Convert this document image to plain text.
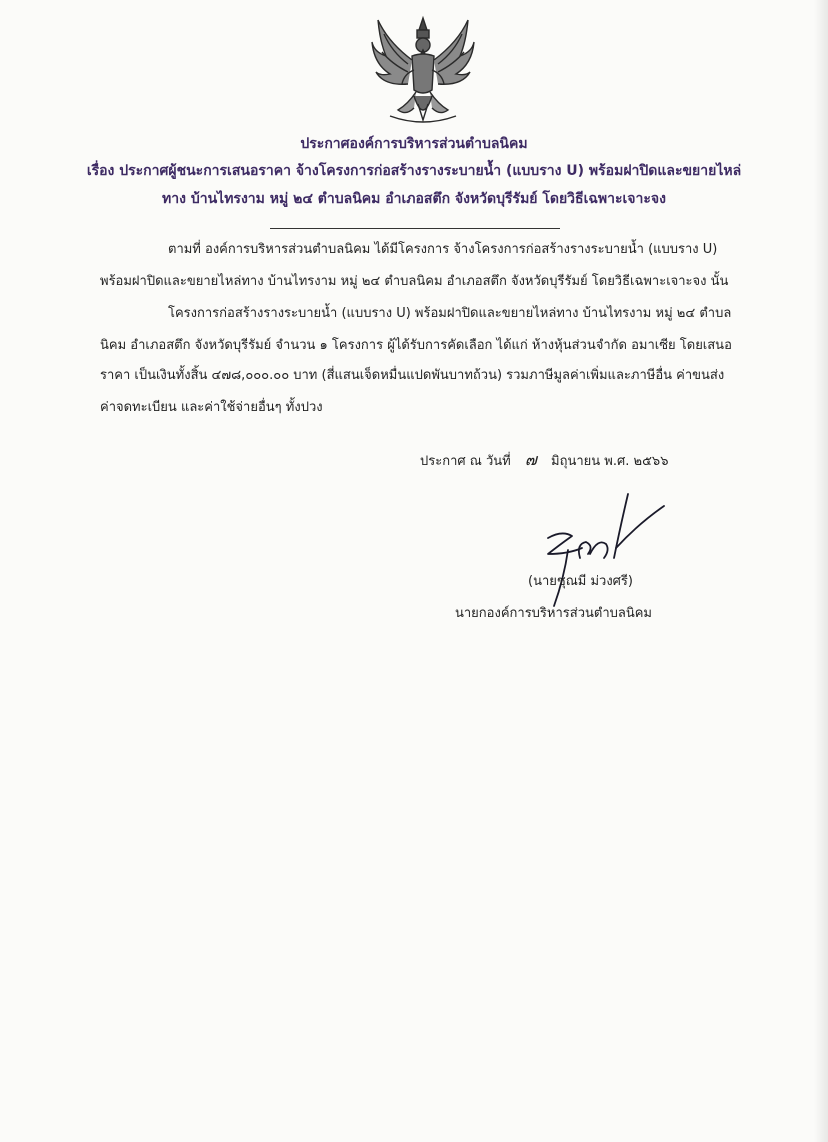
ประกาศองค์การบริหารส่วนตำบลนิคม
เรื่อง ประกาศผู้ชนะการเสนอราคา จ้างโครงการก่อสร้างรางระบายน้ำ (แบบราง U) พร้อมฝาปิดและขยายไหล่
ทาง บ้านไทรงาม หมู่ ๒๔ ตำบลนิคม อำเภอสตึก จังหวัดบุรีรัมย์ โดยวิธีเฉพาะเจาะจง
ตามที่ องค์การบริหารส่วนตำบลนิคม ได้มีโครงการ จ้างโครงการก่อสร้างรางระบายน้ำ (แบบราง U)
พร้อมฝาปิดและขยายไหล่ทาง บ้านไทรงาม หมู่ ๒๔ ตำบลนิคม อำเภอสตึก จังหวัดบุรีรัมย์ โดยวิธีเฉพาะเจาะจง นั้น
โครงการก่อสร้างรางระบายน้ำ (แบบราง U) พร้อมฝาปิดและขยายไหล่ทาง บ้านไทรงาม หมู่ ๒๔ ตำบล
นิคม อำเภอสตึก จังหวัดบุรีรัมย์ จำนวน ๑ โครงการ ผู้ได้รับการคัดเลือก ได้แก่ ห้างหุ้นส่วนจำกัด อมาเซีย โดยเสนอ
ราคา เป็นเงินทั้งสิ้น ๔๗๘,๐๐๐.๐๐ บาท (สี่แสนเจ็ดหมื่นแปดพันบาทถ้วน) รวมภาษีมูลค่าเพิ่มและภาษีอื่น ค่าขนส่ง
ค่าจดทะเบียน และค่าใช้จ่ายอื่นๆ ทั้งปวง
ประกาศ ณ วันที่ ๗ มิถุนายน พ.ศ. ๒๕๖๖
(นายชุณมี ม่วงศรี)
นายกองค์การบริหารส่วนตำบลนิคม
